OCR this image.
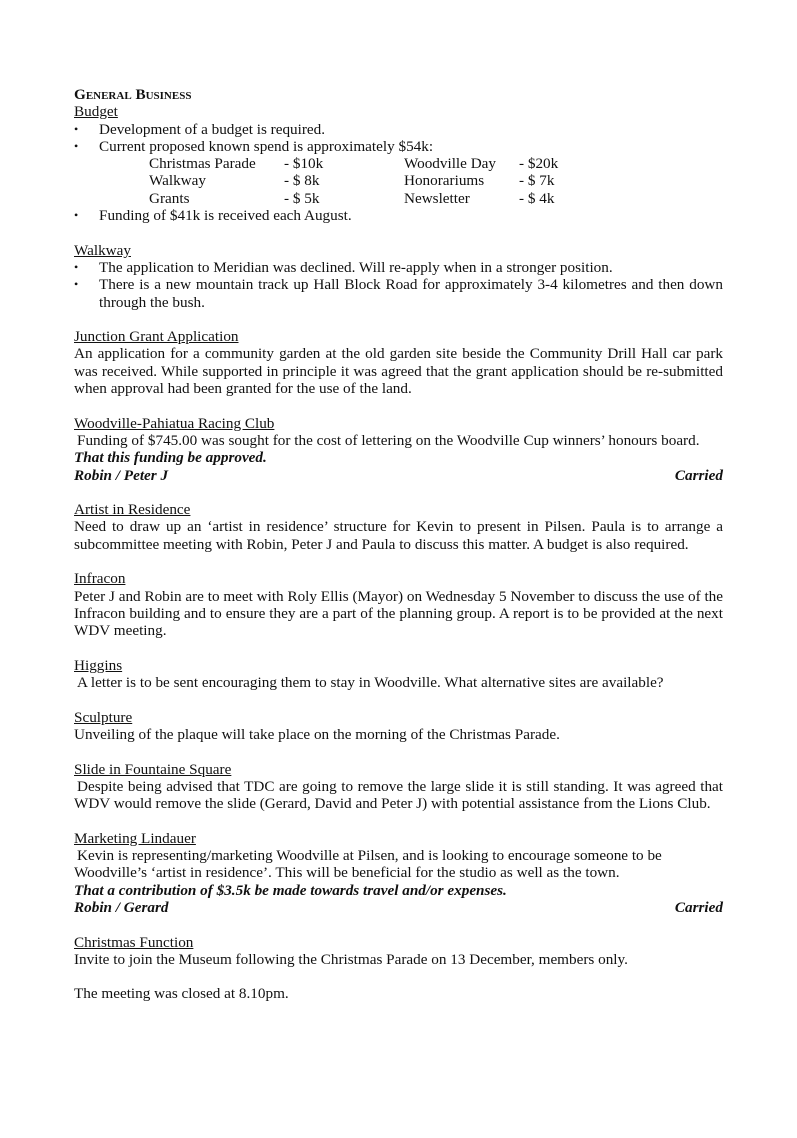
General Business
Budget
• Development of a budget is required.
• Current proposed known spend is approximately $54k:
Christmas Parade	- $10k	Woodville Day	- $20k
Walkway	- $ 8k	Honorariums	- $ 7k
Grants	- $ 5k	Newsletter	- $ 4k
• Funding of $41k is received each August.
Walkway
• The application to Meridian was declined. Will re-apply when in a stronger position.
• There is a new mountain track up Hall Block Road for approximately 3-4 kilometres and then down through the bush.
Junction Grant Application

An application for a community garden at the old garden site beside the Community Drill Hall car park was received. While supported in principle it was agreed that the grant application should be re-submitted when approval had been granted for the use of the land.

Woodville-Pahiatua Racing Club

Funding of $745.00 was sought for the cost of lettering on the Woodville Cup winners’ honours board.

That this funding be approved.
Robin / Peter J	Carried
Artist in Residence

Need to draw up an ‘artist in residence’ structure for Kevin to present in Pilsen. Paula is to arrange a subcommittee meeting with Robin, Peter J and Paula to discuss this matter. A budget is also required.

Infracon

Peter J and Robin are to meet with Roly Ellis (Mayor) on Wednesday 5 November to discuss the use of the Infracon building and to ensure they are a part of the planning group. A report is to be provided at the next WDV meeting.

Higgins

A letter is to be sent encouraging them to stay in Woodville. What alternative sites are available?

Sculpture

Unveiling of the plaque will take place on the morning of the Christmas Parade.

Slide in Fountaine Square

Despite being advised that TDC are going to remove the large slide it is still standing. It was agreed that WDV would remove the slide (Gerard, David and Peter J) with potential assistance from the Lions Club.

Marketing Lindauer

Kevin is representing/marketing Woodville at Pilsen, and is looking to encourage someone to be Woodville’s ‘artist in residence’. This will be beneficial for the studio as well as the town.

That a contribution of $3.5k be made towards travel and/or expenses.
Robin / Gerard	Carried
Christmas Function

Invite to join the Museum following the Christmas Parade on 13 December, members only.

The meeting was closed at 8.10pm.
